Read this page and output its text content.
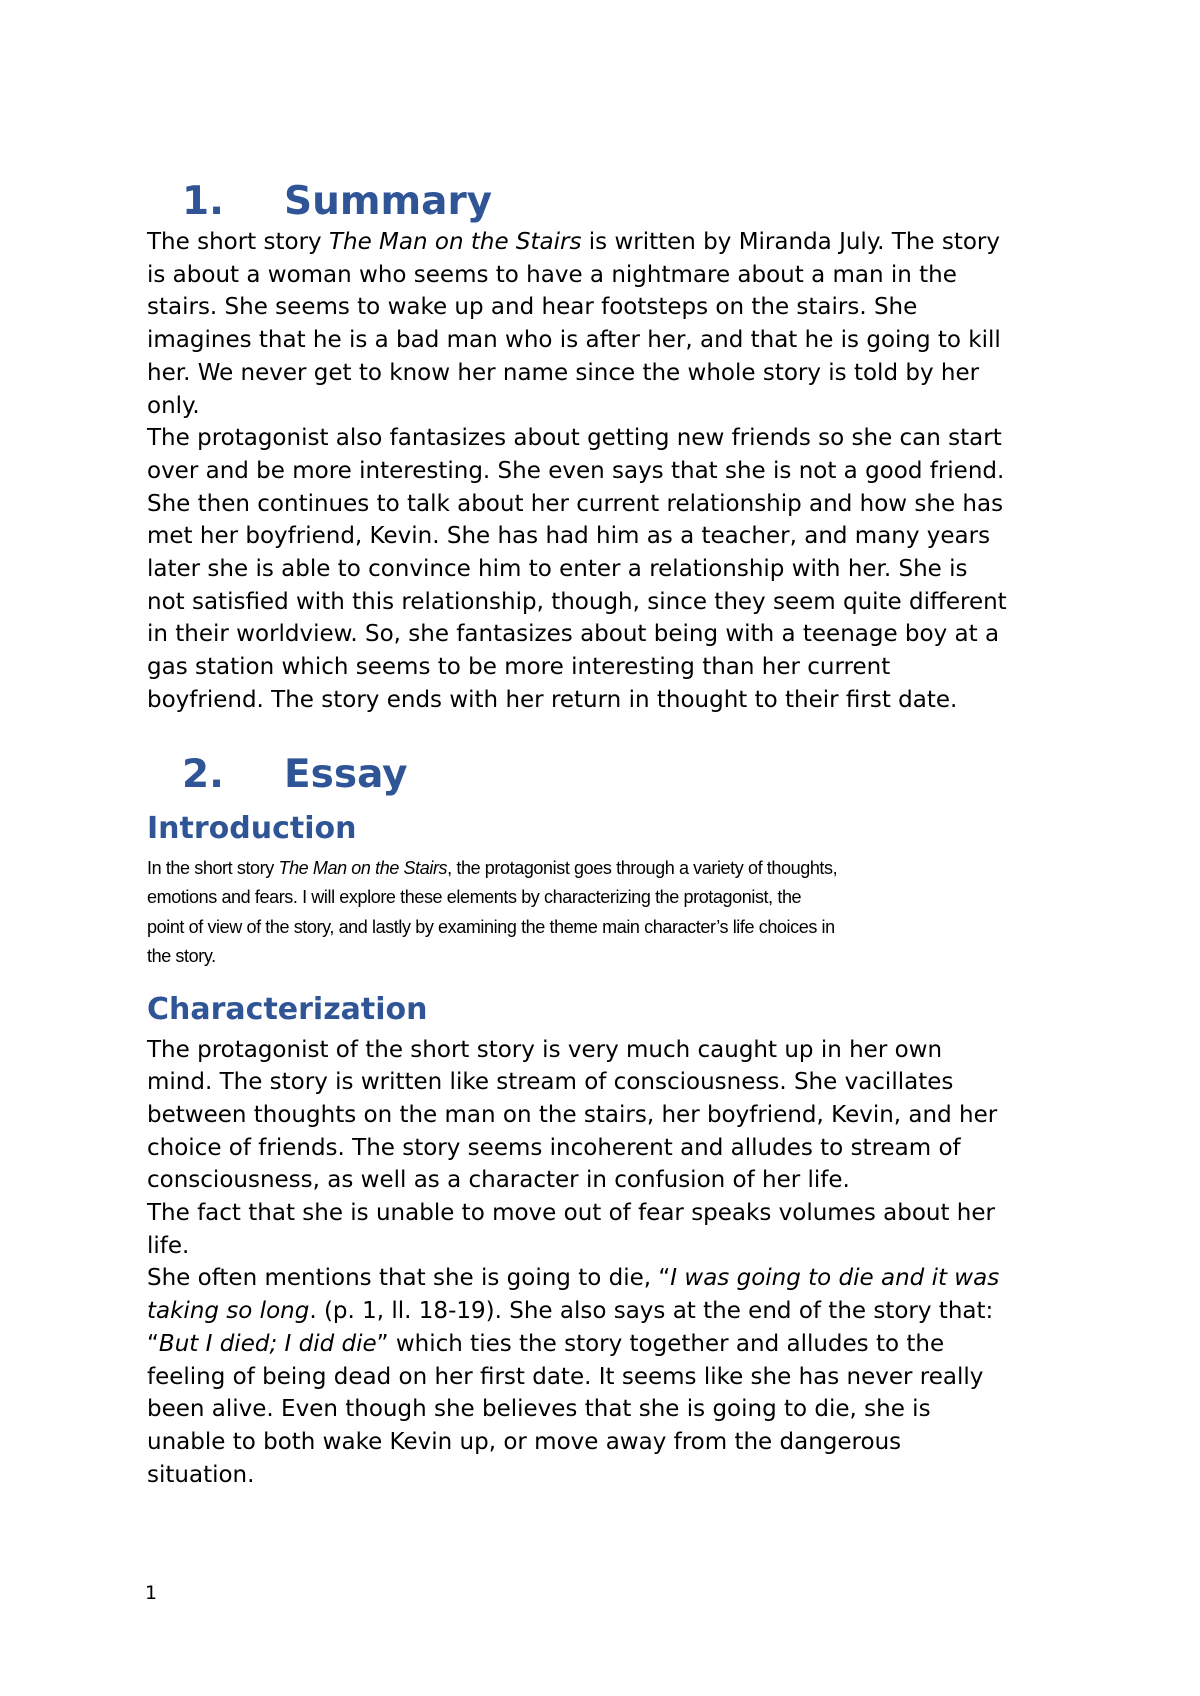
1. Summary

The short story The Man on the Stairs is written by Miranda July. The story
is about a woman who seems to have a nightmare about a man in the
stairs. She seems to wake up and hear footsteps on the stairs. She
imagines that he is a bad man who is after her, and that he is going to kill
her. We never get to know her name since the whole story is told by her
only.

The protagonist also fantasizes about getting new friends so she can start
over and be more interesting. She even says that she is not a good friend.
She then continues to talk about her current relationship and how she has
met her boyfriend, Kevin. She has had him as a teacher, and many years
later she is able to convince him to enter a relationship with her. She is
not satisfied with this relationship, though, since they seem quite different
in their worldview. So, she fantasizes about being with a teenage boy at a
gas station which seems to be more interesting than her current
boyfriend. The story ends with her return in thought to their first date.

2. Essay
Introduction

In the short story The Man on the Stairs, the protagonist goes through a variety of thoughts,
emotions and fears. I will explore these elements by characterizing the protagonist, the
point of view of the story, and lastly by examining the theme main character’s life choices in
the story.

Characterization

The protagonist of the short story is very much caught up in her own
mind. The story is written like stream of consciousness. She vacillates
between thoughts on the man on the stairs, her boyfriend, Kevin, and her
choice of friends. The story seems incoherent and alludes to stream of
consciousness, as well as a character in confusion of her life.

The fact that she is unable to move out of fear speaks volumes about her
life.

She often mentions that she is going to die, “I was going to die and it was
taking so long. (p. 1, ll. 18-19). She also says at the end of the story that:
“But I died; I did die” which ties the story together and alludes to the
feeling of being dead on her first date. It seems like she has never really
been alive. Even though she believes that she is going to die, she is
unable to both wake Kevin up, or move away from the dangerous
situation.

1
